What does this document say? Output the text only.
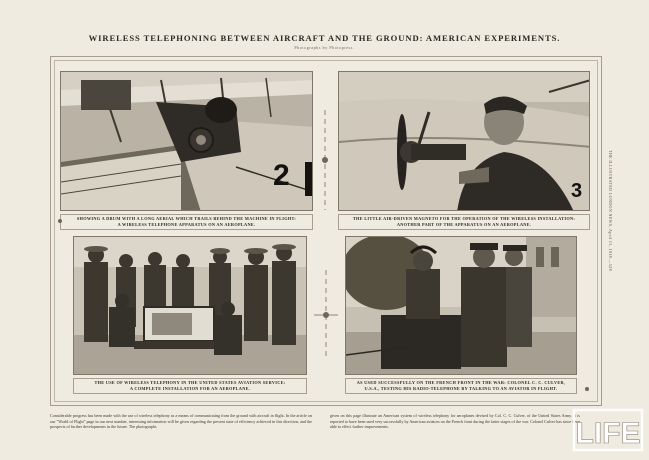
WIRELESS TELEPHONING BETWEEN AIRCRAFT AND THE GROUND: AMERICAN EXPERIMENTS.
Photographs by Photopress.
2
SHOWING A DRUM WITH A LONG AERIAL WHICH TRAILS BEHIND THE MACHINE IN FLIGHT:
A WIRELESS TELEPHONE APPARATUS ON AN AEROPLANE.
3
THE LITTLE AIR-DRIVEN MAGNETO FOR THE OPERATION OF THE WIRELESS INSTALLATION:
ANOTHER PART OF THE APPARATUS ON AN AEROPLANE.
THE USE OF WIRELESS TELEPHONY IN THE UNITED STATES AVIATION SERVICE:
A COMPLETE INSTALLATION FOR AN AEROPLANE.
AS USED SUCCESSFULLY ON THE FRENCH FRONT IN THE WAR: COLONEL C. C. CULVER,
U.S.A., TESTING HIS RADIO-TELEPHONE BY TALKING TO AN AVIATOR IN FLIGHT.
THE ILLUSTRATED LONDON NEWS, April 13, 1918.—528
Considerable progress has been made with the use of wireless telephony as a means of communicating from the ground with aircraft in flight. In the article on our "World of Flight" page in our next number, interesting information will be given regarding the present state of efficiency achieved in this direction, and the prospects of further developments in the future. The photographs
given on this page illustrate an American system of wireless telephony for aeroplanes devised by Col. C. C. Culver, of the United States Army. It is reported to have been used very successfully by American aviators on the French front during the latter stages of the war. Colonel Culver has since been able to effect further improvements.	LIFE
